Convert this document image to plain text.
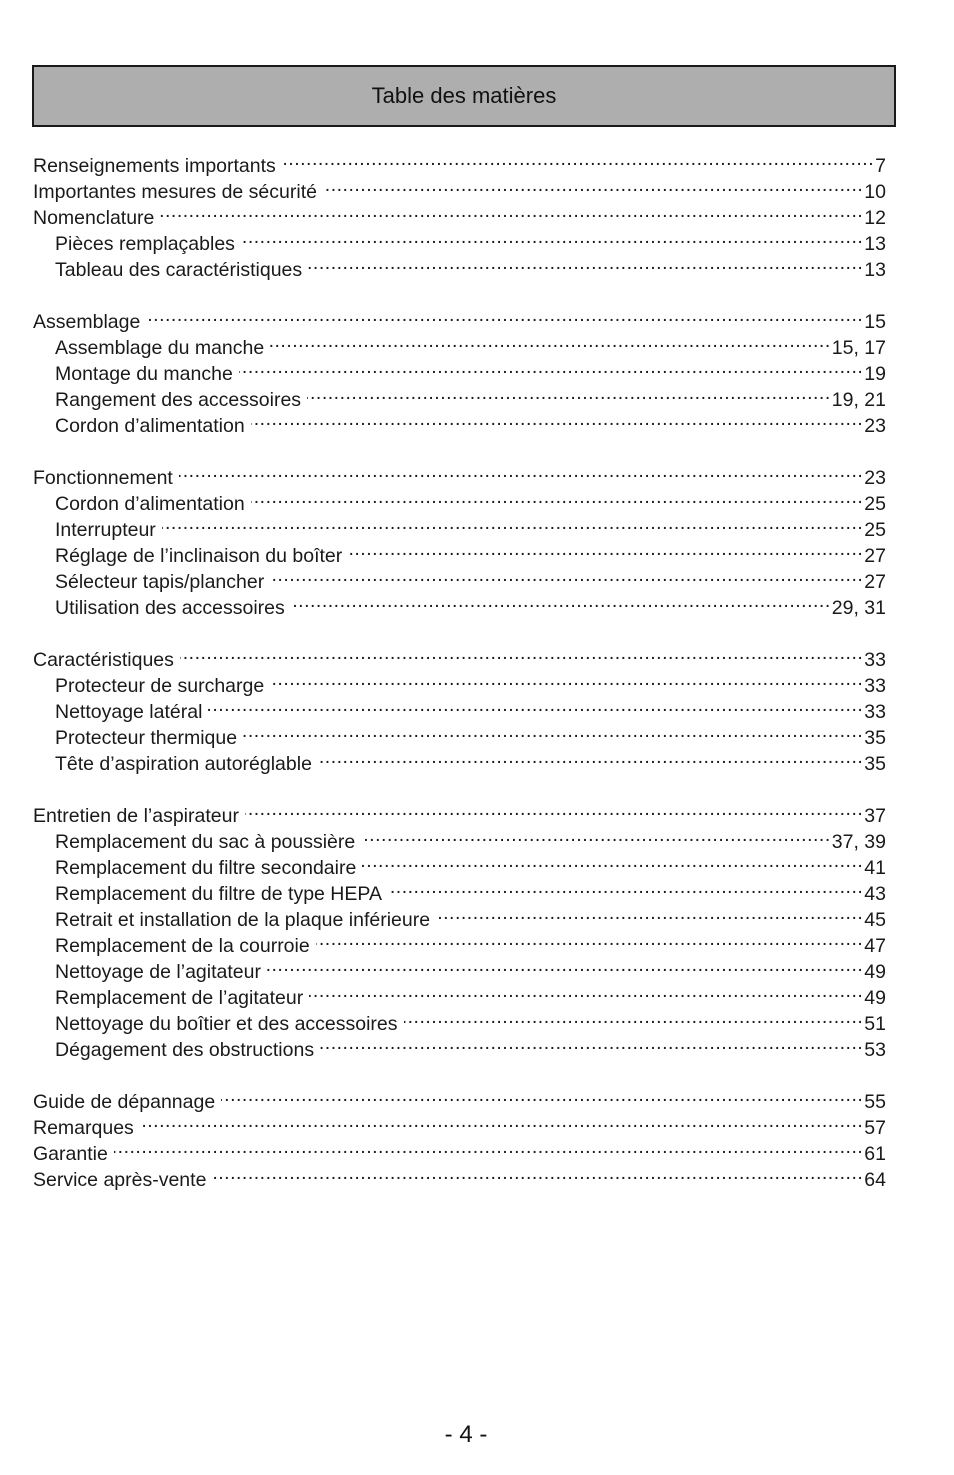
Table des matières
Renseignements importants .....	7
Importantes mesures de sécurité .....	10
Nomenclature .....	12
Pièces remplaçables .....	13
Tableau des caractéristiques .....	13
Assemblage .....	15
Assemblage du manche .....	15, 17
Montage du manche .....	19
Rangement des accessoires .....	19, 21
Cordon d’alimentation .....	23
Fonctionnement .....	23
Cordon d’alimentation .....	25
Interrupteur .....	25
Réglage de l’inclinaison du boîter .....	27
Sélecteur tapis/plancher .....	27
Utilisation des accessoires .....	29, 31
Caractéristiques .....	33
Protecteur de surcharge .....	33
Nettoyage latéral .....	33
Protecteur thermique .....	35
Tête d’aspiration autoréglable .....	35
Entretien de l’aspirateur .....	37
Remplacement du sac à poussière .....	37, 39
Remplacement du filtre secondaire .....	41
Remplacement du filtre de type HEPA .....	43
Retrait et installation de la plaque inférieure .....	45
Remplacement de la courroie .....	47
Nettoyage de l’agitateur .....	49
Remplacement de l’agitateur .....	49
Nettoyage du boîtier et des accessoires .....	51
Dégagement des obstructions .....	53
Guide de dépannage .....	55
Remarques .....	57
Garantie .....	61
Service après-vente .....	64
- 4 -
